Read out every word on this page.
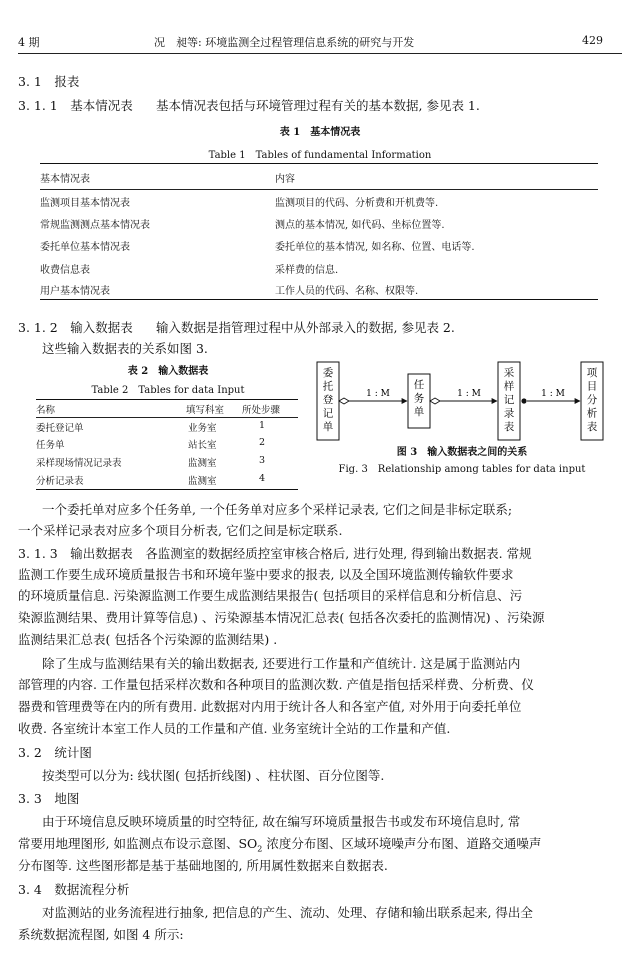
4 期	况　昶等: 环境监测全过程管理信息系统的研究与开发	429
3. 1　报表
3. 1. 1　基本情况表 基本情况表包括与环境管理过程有关的基本数据, 参见表 1.
表 1　基本情况表
Table 1　Tables of fundamental Information
基本情况表	内容
监测项目基本情况表	监测项目的代码、分析费和开机费等.
常规监测测点基本情况表	测点的基本情况, 如代码、坐标位置等.
委托单位基本情况表	委托单位的基本情况, 如名称、位置、电话等.
收费信息表	采样费的信息.
用户基本情况表	工作人员的代码、名称、权限等.
3. 1. 2　输入数据表 输入数据是指管理过程中从外部录入的数据, 参见表 2.
这些输入数据表的关系如图 3.
表 2　输入数据表
Table 2　Tables for data Input
名称	填写科室 所处步骤
委托登记单	业务室	1
任务单	站长室	2
采样现场情况记录表	监测室	3
分析记录表	监测室	4
委托登记单
任务单
采样记录表
项目分析表
1 : M	1 : M	1 : M
图 3　输入数据表之间的关系
Fig. 3　Relationship among tables for data input
一个委托单对应多个任务单, 一个任务单对应多个采样记录表, 它们之间是非标定联系;
一个采样记录表对应多个项目分析表, 它们之间是标定联系.
3. 1. 3　输出数据表　各监测室的数据经质控室审核合格后, 进行处理, 得到输出数据表. 常规
监测工作要生成环境质量报告书和环境年鉴中要求的报表, 以及全国环境监测传输软件要求
的环境质量信息. 污染源监测工作要生成监测结果报告( 包括项目的采样信息和分析信息、污
染源监测结果、费用计算等信息) 、污染源基本情况汇总表( 包括各次委托的监测情况) 、污染源
监测结果汇总表( 包括各个污染源的监测结果) .
除了生成与监测结果有关的输出数据表, 还要进行工作量和产值统计. 这是属于监测站内
部管理的内容. 工作量包括采样次数和各种项目的监测次数. 产值是指包括采样费、分析费、仪
器费和管理费等在内的所有费用. 此数据对内用于统计各人和各室产值, 对外用于向委托单位
收费. 各室统计本室工作人员的工作量和产值. 业务室统计全站的工作量和产值.
3. 2　统计图
按类型可以分为: 线状图( 包括折线图) 、柱状图、百分位图等.
3. 3　地图
由于环境信息反映环境质量的时空特征, 故在编写环境质量报告书或发布环境信息时, 常
常要用地理图形, 如监测点布设示意图、$SO_2$ 浓度分布图、区域环境噪声分布图、道路交通噪声
分布图等. 这些图形都是基于基础地图的, 所用属性数据来自数据表.
3. 4　数据流程分析
对监测站的业务流程进行抽象, 把信息的产生、流动、处理、存储和输出联系起来, 得出全
系统数据流程图, 如图 4 所示:
